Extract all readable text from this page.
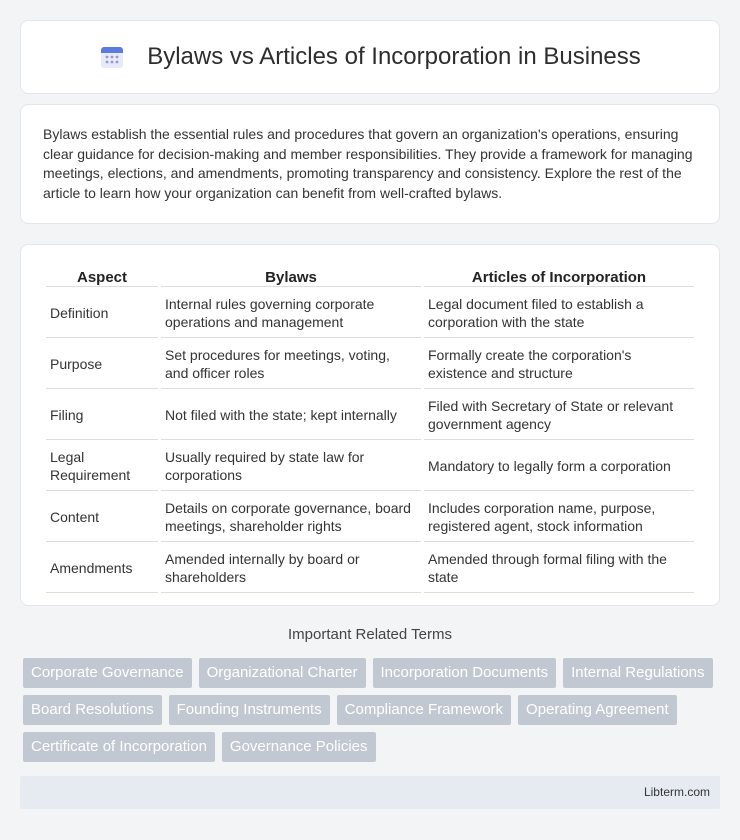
Bylaws vs Articles of Incorporation in Business

Bylaws establish the essential rules and procedures that govern an organization's operations, ensuring clear guidance for decision-making and member responsibilities. They provide a framework for managing meetings, elections, and amendments, promoting transparency and consistency. Explore the rest of the article to learn how your organization can benefit from well-crafted bylaws.

Aspect	Bylaws	Articles of Incorporation
Definition	Internal rules governing corporate operations and management	Legal document filed to establish a corporation with the state
Purpose	Set procedures for meetings, voting, and officer roles	Formally create the corporation's existence and structure
Filing	Not filed with the state; kept internally	Filed with Secretary of State or relevant government agency
Legal Requirement	Usually required by state law for corporations	Mandatory to legally form a corporation
Content	Details on corporate governance, board meetings, shareholder rights	Includes corporation name, purpose, registered agent, stock information
Amendments	Amended internally by board or shareholders	Amended through formal filing with the state
Important Related Terms
Corporate Governance	Organizational Charter	Incorporation Documents	Internal Regulations
Board Resolutions	Founding Instruments	Compliance Framework	Operating Agreement
Certificate of Incorporation	Governance Policies
Libterm.com
